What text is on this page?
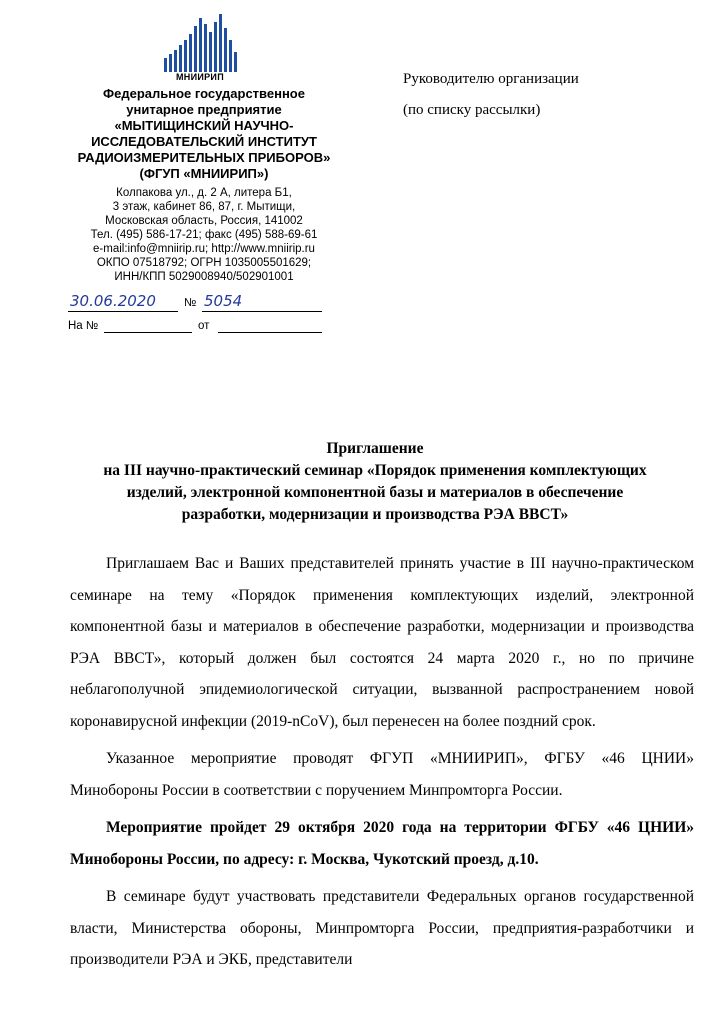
МНИИРИП
Федеральное государственное
унитарное предприятие
«МЫТИЩИНСКИЙ НАУЧНО-
ИССЛЕДОВАТЕЛЬСКИЙ ИНСТИТУТ
РАДИОИЗМЕРИТЕЛЬНЫХ ПРИБОРОВ»
(ФГУП «МНИИРИП»)
Колпакова ул., д. 2 А, литера Б1,
3 этаж, кабинет 86, 87, г. Мытищи,
Московская область, Россия, 141002
Тел. (495) 586-17-21; факс (495) 588-69-61
e-mail:info@mniirip.ru; http://www.mniirip.ru
ОКПО 07518792; ОГРН 1035005501629;
ИНН/КПП 5029008940/502901001
30.06.2020 № 5054
На №	от
Руководителю организации
(по списку рассылки)
Приглашение
на III научно-практический семинар «Порядок применения комплектующих
изделий, электронной компонентной базы и материалов в обеспечение
разработки, модернизации и производства РЭА ВВСТ»

Приглашаем Вас и Ваших представителей принять участие в III научно-практическом семинаре на тему «Порядок применения комплектующих изделий, электронной компонентной базы и материалов в обеспечение разработки, модернизации и производства РЭА ВВСТ», который должен был состоятся 24 марта 2020 г., но по причине неблагополучной эпидемиологической ситуации, вызванной распространением новой коронавирусной инфекции (2019-nCoV), был перенесен на более поздний срок.

Указанное мероприятие проводят ФГУП «МНИИРИП», ФГБУ «46 ЦНИИ» Минобороны России в соответствии с поручением Минпромторга России.

Мероприятие пройдет 29 октября 2020 года на территории ФГБУ «46 ЦНИИ» Минобороны России, по адресу: г. Москва, Чукотский проезд, д.10.

В семинаре будут участвовать представители Федеральных органов государственной власти, Министерства обороны, Минпромторга России, предприятия-разработчики и производители РЭА и ЭКБ, представители
